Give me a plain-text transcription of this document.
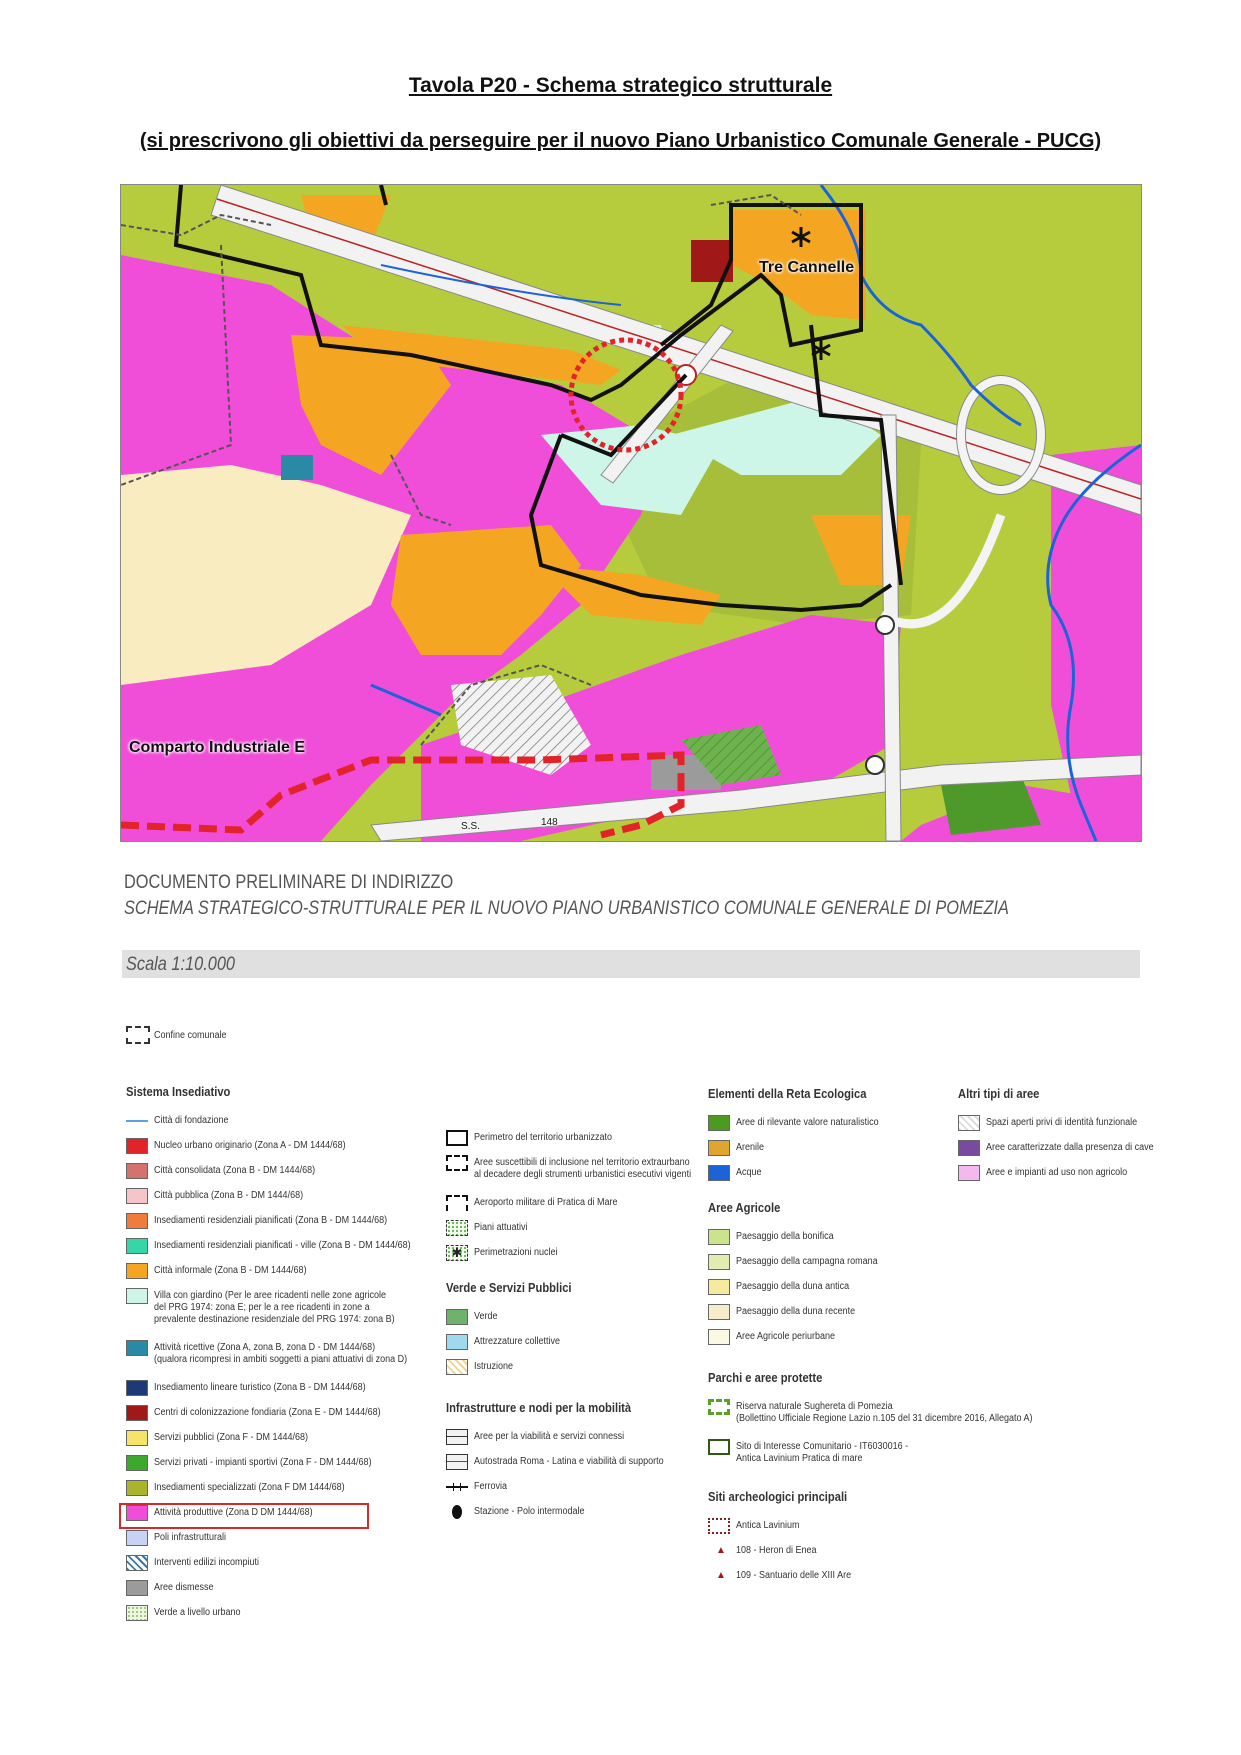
Tavola P20 - Schema strategico strutturale
(si prescrivono gli obiettivi da perseguire per il nuovo Piano Urbanistico Comunale Generale - PUCG)
Tre Cannelle
Comparto Industriale E
S.S.	148
DOCUMENTO PRELIMINARE DI INDIRIZZO
SCHEMA STRATEGICO-STRUTTURALE PER IL NUOVO PIANO URBANISTICO COMUNALE GENERALE DI POMEZIA
Scala 1:10.000
Confine comunale
Sistema Insediativo
Città di fondazione
Nucleo urbano originario (Zona A - DM 1444/68)
Città consolidata (Zona B - DM 1444/68)
Città pubblica (Zona B - DM 1444/68)
Insediamenti residenziali pianificati (Zona B - DM 1444/68)
Insediamenti residenziali pianificati - ville (Zona B - DM 1444/68)
Città informale (Zona B - DM 1444/68)
Villa con giardino (Per le aree ricadenti nelle zone agricole
del PRG 1974: zona E; per le a ree ricadenti in zone a
prevalente destinazione residenziale del PRG 1974: zona B)
Attività ricettive (Zona A, zona B, zona D - DM 1444/68)
(qualora ricompresi in ambiti soggetti a piani attuativi di zona D)
Insediamento lineare turistico (Zona B - DM 1444/68)
Centri di colonizzazione fondiaria (Zona E - DM 1444/68)
Servizi pubblici (Zona F - DM 1444/68)
Servizi privati - impianti sportivi (Zona F - DM 1444/68)
Insediamenti specializzati (Zona F DM 1444/68)
Attività produttive (Zona D DM 1444/68)
Poli infrastrutturali
Interventi edilizi incompiuti
Aree dismesse
Verde a livello urbano
Perimetro del territorio urbanizzato
Aree suscettibili di inclusione nel territorio extraurbano
al decadere degli strumenti urbanistici esecutivi vigenti
Aeroporto militare di Pratica di Mare
Piani attuativi
✱	Perimetrazioni nuclei
Verde e Servizi Pubblici
Verde
Attrezzature collettive
Istruzione
Infrastrutture e nodi per la mobilità
Aree per la viabilità e servizi connessi
Autostrada Roma - Latina e viabilità di supporto
Ferrovia
Stazione - Polo intermodale
Elementi della Reta Ecologica
Aree di rilevante valore naturalistico
Arenile
Acque
Aree Agricole
Paesaggio della bonifica
Paesaggio della campagna romana
Paesaggio della duna antica
Paesaggio della duna recente
Aree Agricole periurbane
Parchi e aree protette
Riserva naturale Sughereta di Pomezia
(Bollettino Ufficiale Regione Lazio n.105 del 31 dicembre 2016, Allegato A)
Sito di Interesse Comunitario - IT6030016 -
Antica Lavinium Pratica di mare
Siti archeologici principali
Antica Lavinium
▲ 108 - Heron di Enea
▲ 109 - Santuario delle XIII Are
Altri tipi di aree
Spazi aperti privi di identità funzionale
Aree caratterizzate dalla presenza di cave
Aree e impianti ad uso non agricolo
